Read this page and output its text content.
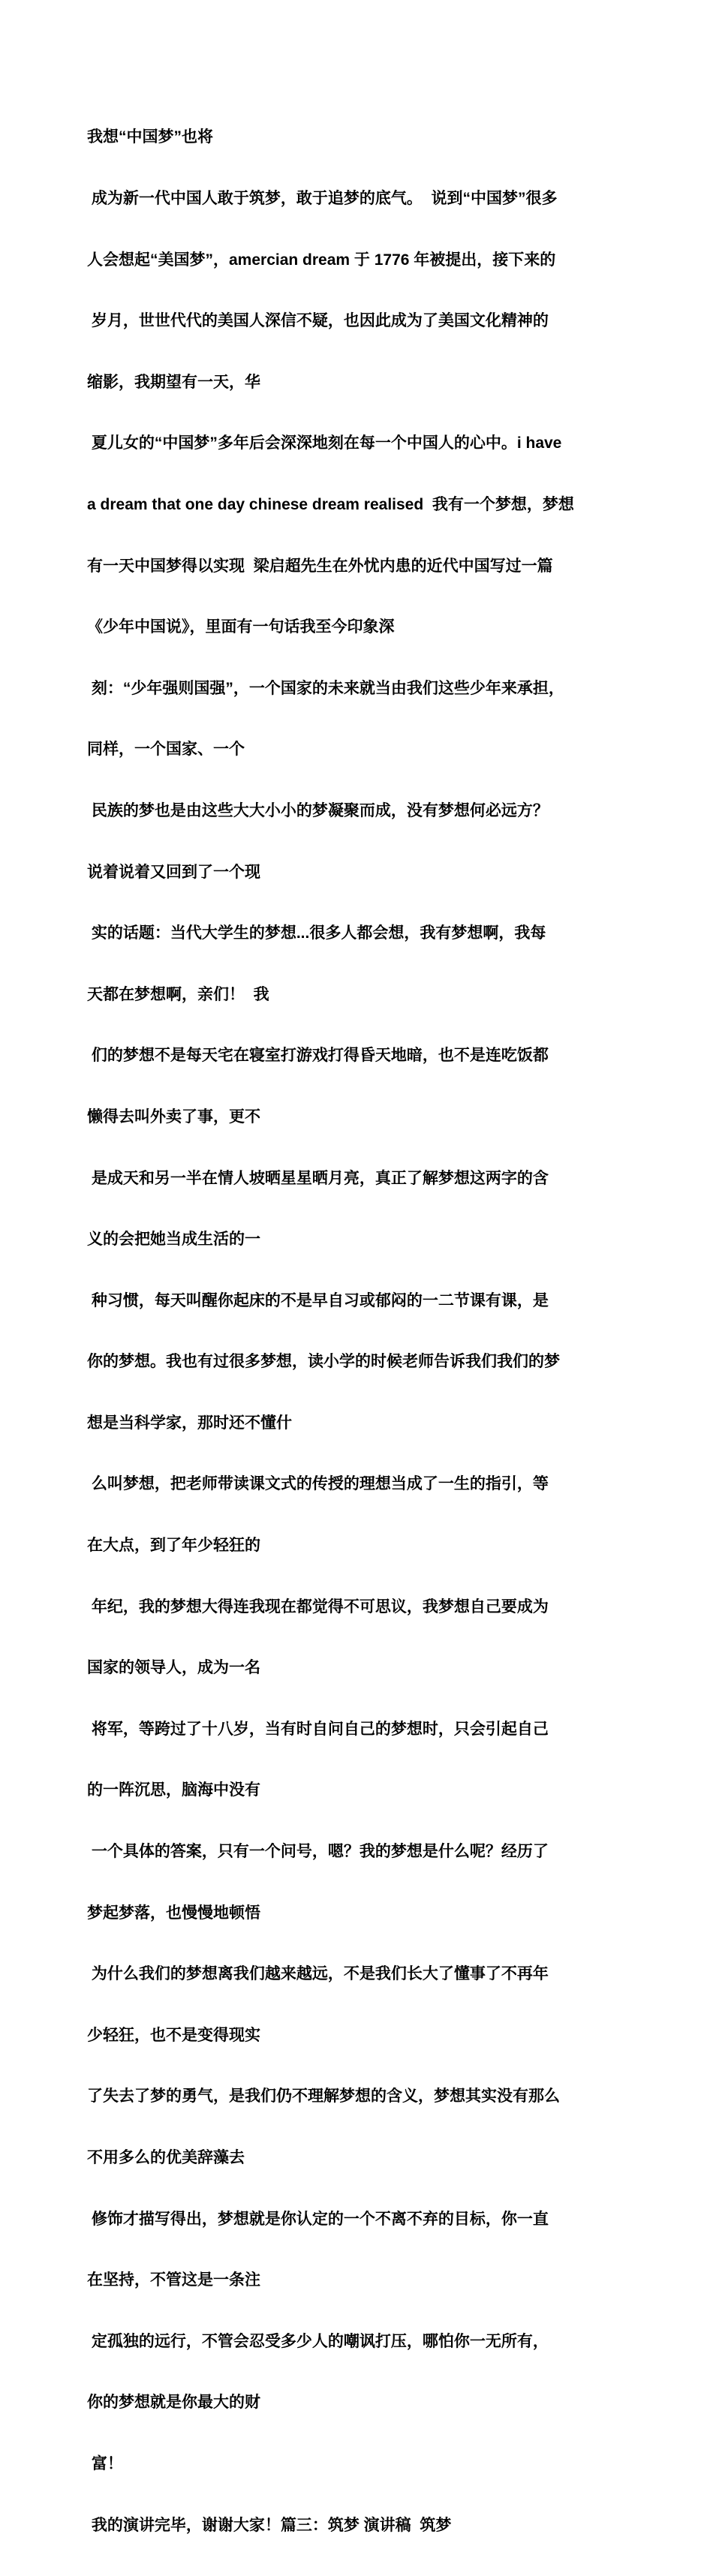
我想“中国梦”也将

成为新一代中国人敢于筑梦，敢于追梦的底气。  说到“中国梦”很多

人会想起“美国梦”，amercian dream 于 1776 年被提出，接下来的

岁月，世世代代的美国人深信不疑，也因此成为了美国文化精神的

缩影，我期望有一天，华

夏儿女的“中国梦”多年后会深深地刻在每一个中国人的心中。i have

a dream that one day chinese dream realised  我有一个梦想，梦想

有一天中国梦得以实现  梁启超先生在外忧内患的近代中国写过一篇

《少年中国说》，里面有一句话我至今印象深

刻：“少年强则国强”，一个国家的未来就当由我们这些少年来承担，

同样，一个国家、一个

民族的梦也是由这些大大小小的梦凝聚而成，没有梦想何必远方？

说着说着又回到了一个现

实的话题：当代大学生的梦想...很多人都会想，我有梦想啊，我每

天都在梦想啊，亲们！  我

们的梦想不是每天宅在寝室打游戏打得昏天地暗，也不是连吃饭都

懒得去叫外卖了事，更不

是成天和另一半在情人坡晒星星晒月亮，真正了解梦想这两字的含

义的会把她当成生活的一

种习惯，每天叫醒你起床的不是早自习或郁闷的一二节课有课，是

你的梦想。我也有过很多梦想，读小学的时候老师告诉我们我们的梦

想是当科学家，那时还不懂什

么叫梦想，把老师带读课文式的传授的理想当成了一生的指引，等

在大点，到了年少轻狂的

年纪，我的梦想大得连我现在都觉得不可思议，我梦想自己要成为

国家的领导人，成为一名

将军，等跨过了十八岁，当有时自问自己的梦想时，只会引起自己

的一阵沉思，脑海中没有

一个具体的答案，只有一个问号，嗯？我的梦想是什么呢？经历了

梦起梦落，也慢慢地顿悟

为什么我们的梦想离我们越来越远，不是我们长大了懂事了不再年

少轻狂，也不是变得现实

了失去了梦的勇气，是我们仍不理解梦想的含义，梦想其实没有那么

不用多么的优美辞藻去

修饰才描写得出，梦想就是你认定的一个不离不弃的目标，你一直

在坚持，不管这是一条注

定孤独的远行，不管会忍受多少人的嘲讽打压，哪怕你一无所有，

你的梦想就是你最大的财

富！

我的演讲完毕，谢谢大家！篇三：筑梦 演讲稿  筑梦
